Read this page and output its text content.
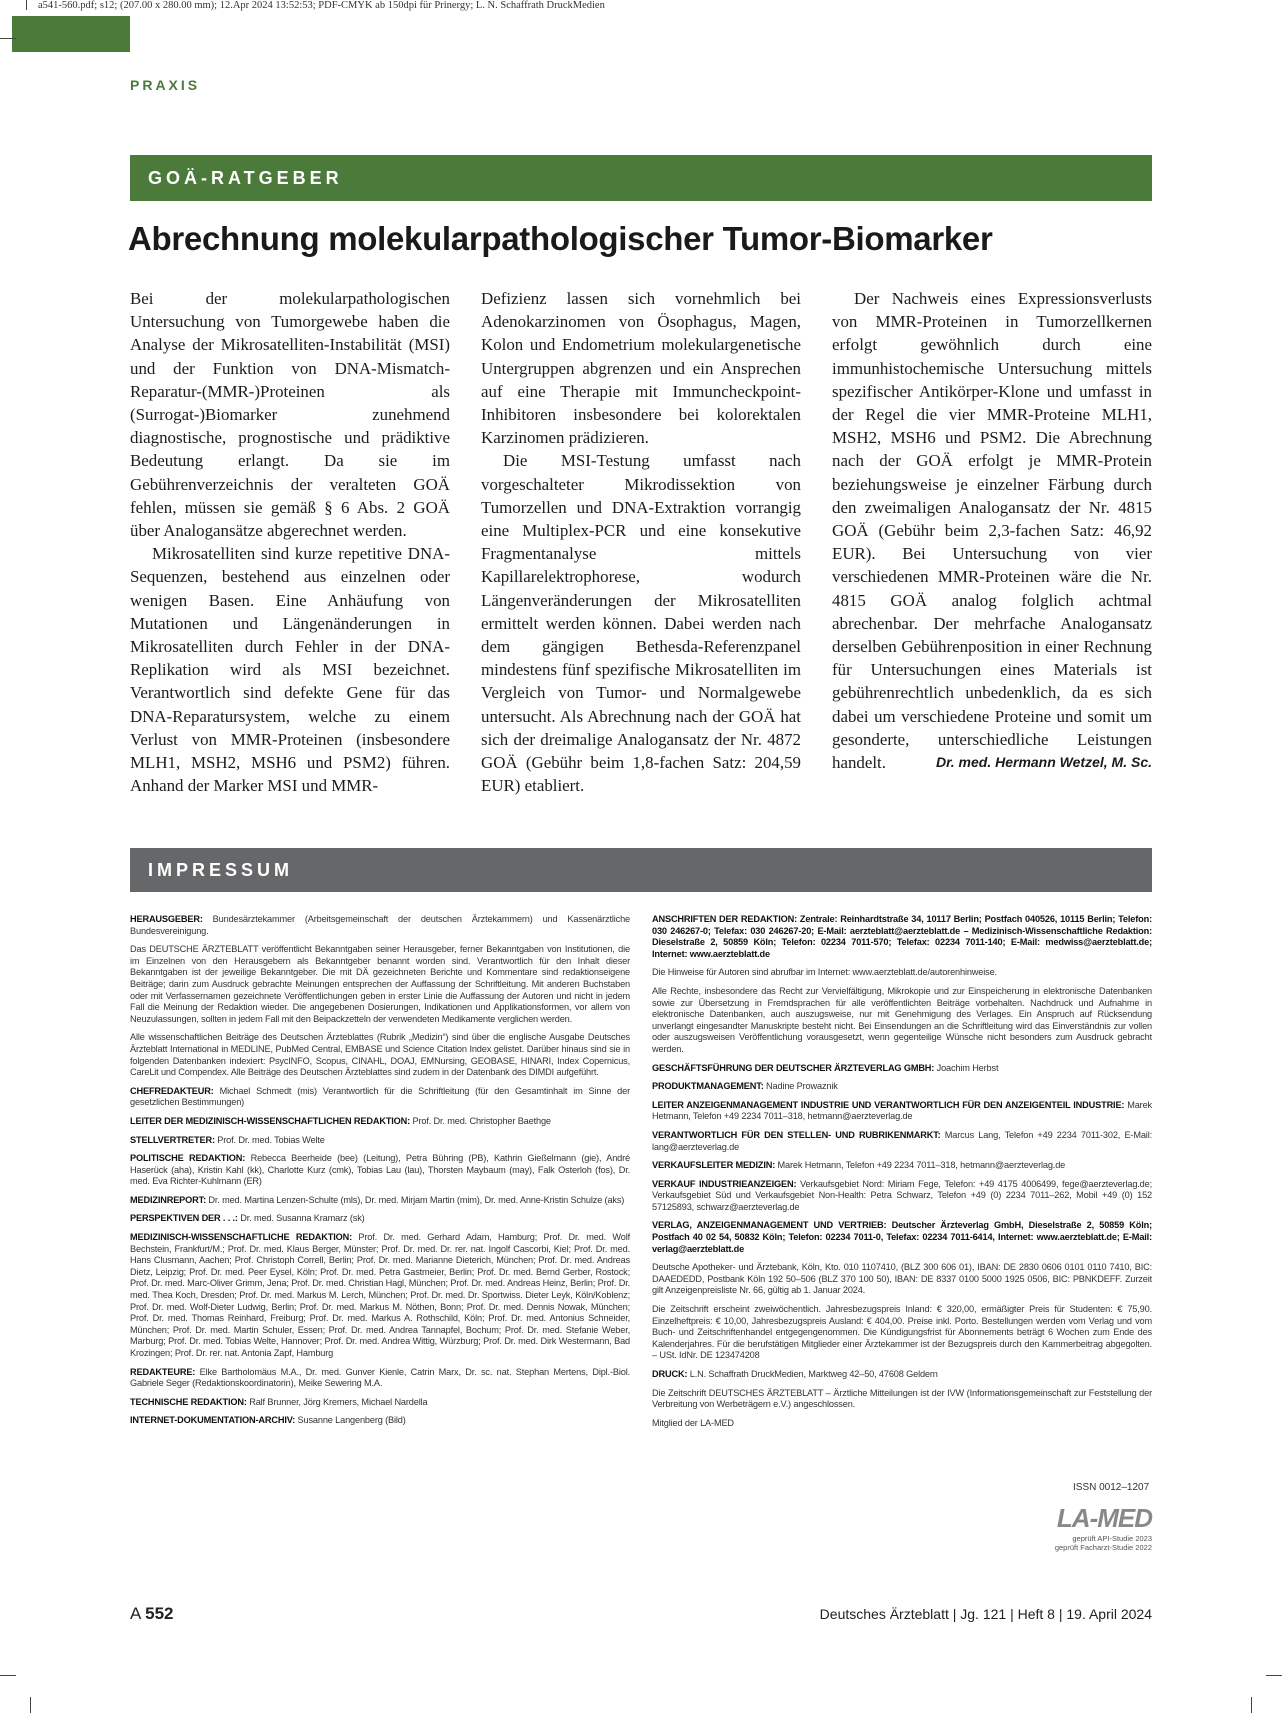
a541-560.pdf; s12; (207.00 x 280.00 mm); 12.Apr 2024 13:52:53; PDF-CMYK ab 150dpi für Prinergy; L. N. Schaffrath DruckMedien
PRAXIS
GOÄ-RATGEBER
Abrechnung molekularpathologischer Tumor-Biomarker

Bei der molekularpathologischen Untersuchung von Tumorgewebe haben die Analyse der Mikrosatelliten-Instabilität (MSI) und der Funktion von DNA-Mismatch-Reparatur-(MMR-)Proteinen als (Surrogat-)Biomarker zunehmend diagnostische, prognostische und prädiktive Bedeutung erlangt. Da sie im Gebührenverzeichnis der veralteten GOÄ fehlen, müssen sie gemäß § 6 Abs. 2 GOÄ über Analogansätze abgerechnet werden.

Mikrosatelliten sind kurze repetitive DNA-Sequenzen, bestehend aus einzelnen oder wenigen Basen. Eine Anhäufung von Mutationen und Längenänderungen in Mikrosatelliten durch Fehler in der DNA-Replikation wird als MSI bezeichnet. Verantwortlich sind defekte Gene für das DNA-Reparatursystem, welche zu einem Verlust von MMR-Proteinen (insbesondere MLH1, MSH2, MSH6 und PSM2) führen. Anhand der Marker MSI und MMR-

Defizienz lassen sich vornehmlich bei Adenokarzinomen von Ösophagus, Magen, Kolon und Endometrium molekulargenetische Untergruppen abgrenzen und ein Ansprechen auf eine Therapie mit Immuncheckpoint-Inhibitoren insbesondere bei kolorektalen Karzinomen prädizieren.

Die MSI-Testung umfasst nach vorgeschalteter Mikrodissektion von Tumorzellen und DNA-Extraktion vorrangig eine Multiplex-PCR und eine konsekutive Fragmentanalyse mittels Kapillarelektrophorese, wodurch Längenveränderungen der Mikrosatelliten ermittelt werden können. Dabei werden nach dem gängigen Bethesda-Referenzpanel mindestens fünf spezifische Mikrosatelliten im Vergleich von Tumor- und Normalgewebe untersucht. Als Abrechnung nach der GOÄ hat sich der dreimalige Analogansatz der Nr. 4872 GOÄ (Gebühr beim 1,8-fachen Satz: 204,59 EUR) etabliert.

Der Nachweis eines Expressionsverlusts von MMR-Proteinen in Tumorzellkernen erfolgt gewöhnlich durch eine immunhistochemische Untersuchung mittels spezifischer Antikörper-Klone und umfasst in der Regel die vier MMR-Proteine MLH1, MSH2, MSH6 und PSM2. Die Abrechnung nach der GOÄ erfolgt je MMR-Protein beziehungsweise je einzelner Färbung durch den zweimaligen Analogansatz der Nr. 4815 GOÄ (Gebühr beim 2,3-fachen Satz: 46,92 EUR). Bei Untersuchung von vier verschiedenen MMR-Proteinen wäre die Nr. 4815 GOÄ analog folglich achtmal abrechenbar. Der mehrfache Analogansatz derselben Gebührenposition in einer Rechnung für Untersuchungen eines Materials ist gebührenrechtlich unbedenklich, da es sich dabei um verschiedene Proteine und somit um gesonderte, unterschiedliche Leistungen handelt.	Dr. med. Hermann Wetzel, M. Sc.

IMPRESSUM

HERAUSGEBER: Bundesärztekammer (Arbeitsgemeinschaft der deutschen Ärztekammern) und Kassenärztliche Bundesvereinigung.

Das DEUTSCHE ÄRZTEBLATT veröffentlicht Bekanntgaben seiner Herausgeber, ferner Bekanntgaben von Institutionen, die im Einzelnen von den Herausgebern als Bekanntgeber benannt worden sind. Verantwortlich für den Inhalt dieser Bekanntgaben ist der jeweilige Bekanntgeber. Die mit DÄ gezeichneten Berichte und Kommentare sind redaktionseigene Beiträge; darin zum Ausdruck gebrachte Meinungen entsprechen der Auffassung der Schriftleitung. Mit anderen Buchstaben oder mit Verfassernamen gezeichnete Veröffentlichungen geben in erster Linie die Auffassung der Autoren und nicht in jedem Fall die Meinung der Redaktion wieder. Die angegebenen Dosierungen, Indikationen und Applikationsformen, vor allem von Neuzulassungen, sollten in jedem Fall mit den Beipackzetteln der verwendeten Medikamente verglichen werden.

Alle wissenschaftlichen Beiträge des Deutschen Ärzteblattes (Rubrik „Medizin“) sind über die englische Ausgabe Deutsches Ärzteblatt International in MEDLINE, PubMed Central, EMBASE und Science Citation Index gelistet. Darüber hinaus sind sie in folgenden Datenbanken indexiert: PsycINFO, Scopus, CINAHL, DOAJ, EMNursing, GEOBASE, HINARI, Index Copernicus, CareLit und Compendex. Alle Beiträge des Deutschen Ärzteblattes sind zudem in der Datenbank des DIMDI aufgeführt.

CHEFREDAKTEUR: Michael Schmedt (mis) Verantwortlich für die Schriftleitung (für den Gesamtinhalt im Sinne der gesetzlichen Bestimmungen)

LEITER DER MEDIZINISCH-WISSENSCHAFTLICHEN REDAKTION: Prof. Dr. med. Christopher Baethge

STELLVERTRETER: Prof. Dr. med. Tobias Welte

POLITISCHE REDAKTION: Rebecca Beerheide (bee) (Leitung), Petra Bühring (PB), Kathrin Gießelmann (gie), André Haserück (aha), Kristin Kahl (kk), Charlotte Kurz (cmk), Tobias Lau (lau), Thorsten Maybaum (may), Falk Osterloh (fos), Dr. med. Eva Richter-Kuhlmann (ER)

MEDIZINREPORT: Dr. med. Martina Lenzen-Schulte (mls), Dr. med. Mirjam Martin (mim), Dr. med. Anne-Kristin Schulze (aks)

PERSPEKTIVEN DER . . .: Dr. med. Susanna Kramarz (sk)

MEDIZINISCH-WISSENSCHAFTLICHE REDAKTION: Prof. Dr. med. Gerhard Adam, Hamburg; Prof. Dr. med. Wolf Bechstein, Frankfurt/M.; Prof. Dr. med. Klaus Berger, Münster; Prof. Dr. med. Dr. rer. nat. Ingolf Cascorbi, Kiel; Prof. Dr. med. Hans Clusmann, Aachen; Prof. Christoph Correll, Berlin; Prof. Dr. med. Marianne Dieterich, München; Prof. Dr. med. Andreas Dietz, Leipzig; Prof. Dr. med. Peer Eysel, Köln; Prof. Dr. med. Petra Gastmeier, Berlin; Prof. Dr. med. Bernd Gerber, Rostock; Prof. Dr. med. Marc-Oliver Grimm, Jena; Prof. Dr. med. Christian Hagl, München; Prof. Dr. med. Andreas Heinz, Berlin; Prof. Dr. med. Thea Koch, Dresden; Prof. Dr. med. Markus M. Lerch, München; Prof. Dr. med. Dr. Sportwiss. Dieter Leyk, Köln/Koblenz; Prof. Dr. med. Wolf-Dieter Ludwig, Berlin; Prof. Dr. med. Markus M. Nöthen, Bonn; Prof. Dr. med. Dennis Nowak, München; Prof. Dr. med. Thomas Reinhard, Freiburg; Prof. Dr. med. Markus A. Rothschild, Köln; Prof. Dr. med. Antonius Schneider, München; Prof. Dr. med. Martin Schuler, Essen; Prof. Dr. med. Andrea Tannapfel, Bochum; Prof. Dr. med. Stefanie Weber, Marburg; Prof. Dr. med. Tobias Welte, Hannover; Prof. Dr. med. Andrea Wittig, Würzburg; Prof. Dr. med. Dirk Westermann, Bad Krozingen; Prof. Dr. rer. nat. Antonia Zapf, Hamburg

REDAKTEURE: Elke Bartholomäus M.A., Dr. med. Gunver Kienle, Catrin Marx, Dr. sc. nat. Stephan Mertens, Dipl.-Biol. Gabriele Seger (Redaktionskoordinatorin), Meike Sewering M.A.

TECHNISCHE REDAKTION: Ralf Brunner, Jörg Kremers, Michael Nardella

INTERNET-DOKUMENTATION-ARCHIV: Susanne Langenberg (Bild)

ANSCHRIFTEN DER REDAKTION: Zentrale: Reinhardtstraße 34, 10117 Berlin; Postfach 040526, 10115 Berlin; Telefon: 030 246267-0; Telefax: 030 246267-20; E-Mail: aerzteblatt@aerzteblatt.de – Medizinisch-Wissenschaftliche Redaktion: Dieselstraße 2, 50859 Köln; Telefon: 02234 7011-570; Telefax: 02234 7011-140; E-Mail: medwiss@aerzteblatt.de; Internet: www.aerzteblatt.de

Die Hinweise für Autoren sind abrufbar im Internet: www.aerzteblatt.de/autorenhinweise.

Alle Rechte, insbesondere das Recht zur Vervielfältigung, Mikrokopie und zur Einspeicherung in elektronische Datenbanken sowie zur Übersetzung in Fremdsprachen für alle veröffentlichten Beiträge vorbehalten. Nachdruck und Aufnahme in elektronische Datenbanken, auch auszugsweise, nur mit Genehmigung des Verlages. Ein Anspruch auf Rücksendung unverlangt eingesandter Manuskripte besteht nicht. Bei Einsendungen an die Schriftleitung wird das Einverständnis zur vollen oder auszugsweisen Veröffentlichung vorausgesetzt, wenn gegenteilige Wünsche nicht besonders zum Ausdruck gebracht werden.

GESCHÄFTSFÜHRUNG DER DEUTSCHER ÄRZTEVERLAG GMBH: Joachim Herbst

PRODUKTMANAGEMENT: Nadine Prowaznik

LEITER ANZEIGENMANAGEMENT INDUSTRIE UND VERANTWORTLICH FÜR DEN ANZEIGENTEIL INDUSTRIE: Marek Hetmann, Telefon +49 2234 7011–318, hetmann@aerzteverlag.de

VERANTWORTLICH FÜR DEN STELLEN- UND RUBRIKENMARKT: Marcus Lang, Telefon +49 2234 7011-302, E-Mail: lang@aerzteverlag.de

VERKAUFSLEITER MEDIZIN: Marek Hetmann, Telefon +49 2234 7011–318, hetmann@aerzteverlag.de

VERKAUF INDUSTRIEANZEIGEN: Verkaufsgebiet Nord: Miriam Fege, Telefon: +49 4175 4006499, fege@aerzteverlag.de; Verkaufsgebiet Süd und Verkaufsgebiet Non-Health: Petra Schwarz, Telefon +49 (0) 2234 7011–262, Mobil +49 (0) 152 57125893, schwarz@aerzteverlag.de

VERLAG, ANZEIGENMANAGEMENT UND VERTRIEB: Deutscher Ärzteverlag GmbH, Dieselstraße 2, 50859 Köln; Postfach 40 02 54, 50832 Köln; Telefon: 02234 7011-0, Telefax: 02234 7011-6414, Internet: www.aerzteblatt.de; E-Mail: verlag@aerzteblatt.de

Deutsche Apotheker- und Ärztebank, Köln, Kto. 010 1107410, (BLZ 300 606 01), IBAN: DE 2830 0606 0101 0110 7410, BIC: DAAEDEDD, Postbank Köln 192 50–506 (BLZ 370 100 50), IBAN: DE 8337 0100 5000 1925 0506, BIC: PBNKDEFF. Zurzeit gilt Anzeigenpreisliste Nr. 66, gültig ab 1. Januar 2024.

Die Zeitschrift erscheint zweiwöchentlich. Jahresbezugspreis Inland: € 320,00, ermäßigter Preis für Studenten: € 75,90. Einzelheftpreis: € 10,00, Jahresbezugspreis Ausland: € 404,00. Preise inkl. Porto. Bestellungen werden vom Verlag und vom Buch- und Zeitschriftenhandel entgegengenommen. Die Kündigungsfrist für Abonnements beträgt 6 Wochen zum Ende des Kalenderjahres. Für die berufstätigen Mitglieder einer Ärztekammer ist der Bezugspreis durch den Kammerbeitrag abgegolten. – USt. IdNr. DE 123474208

DRUCK: L.N. Schaffrath DruckMedien, Marktweg 42–50, 47608 Geldern

Die Zeitschrift DEUTSCHES ÄRZTEBLATT – Ärztliche Mitteilungen ist der IVW (Informationsgemeinschaft zur Feststellung der Verbreitung von Werbeträgern e.V.) angeschlossen.

Mitglied der LA-MED

ISSN 0012–1207
LA-MED
geprüft API-Studie 2023
geprüft Facharzt-Studie 2022
A 552	Deutsches Ärzteblatt | Jg. 121 | Heft 8 | 19. April 2024
